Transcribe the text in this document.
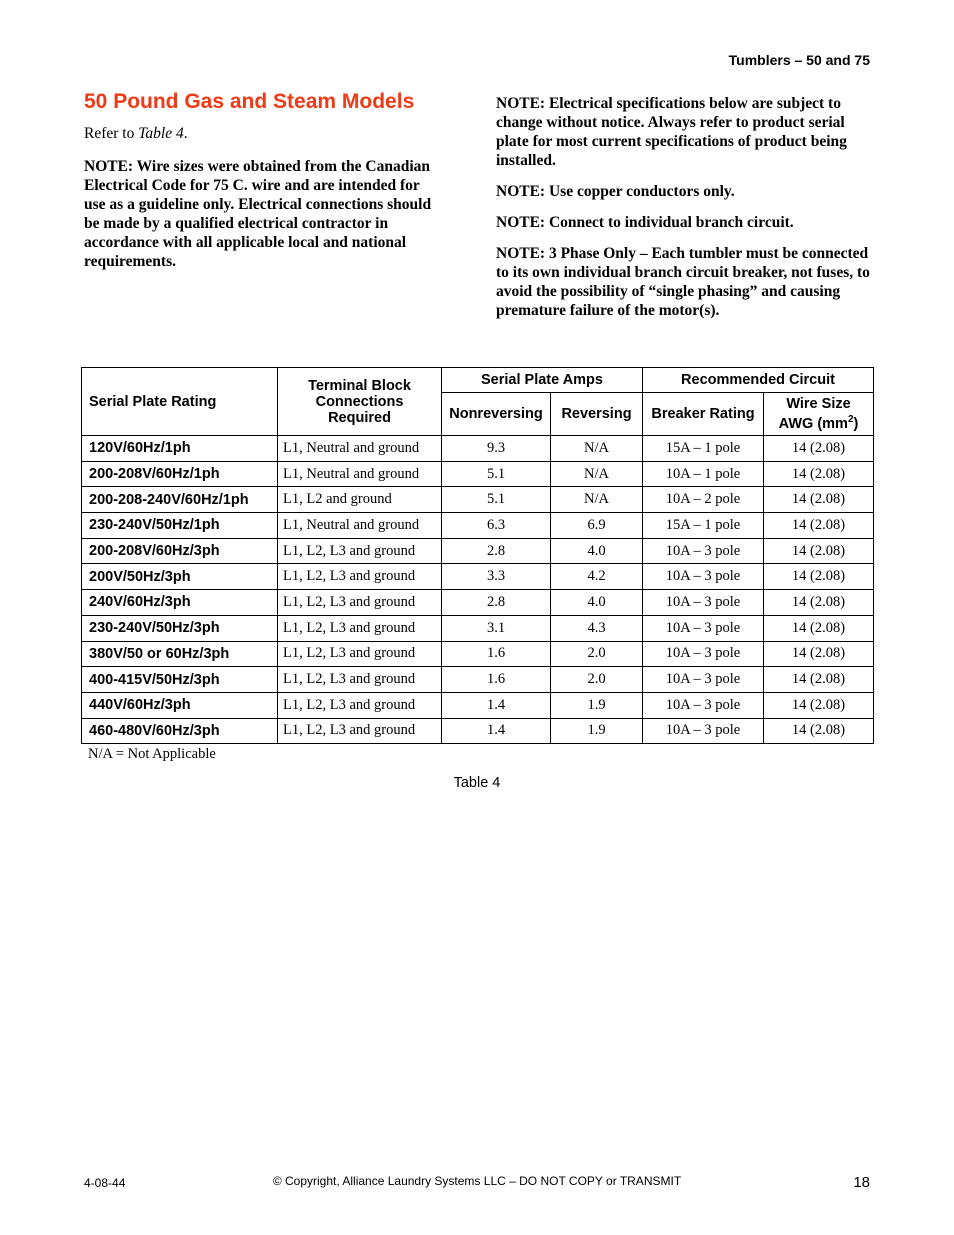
Tumblers – 50 and 75
50 Pound Gas and Steam Models

Refer to Table 4.

NOTE: Wire sizes were obtained from the Canadian Electrical Code for 75 C. wire and are intended for use as a guideline only. Electrical connections should be made by a qualified electrical contractor in accordance with all applicable local and national requirements.

NOTE: Electrical specifications below are subject to change without notice. Always refer to product serial plate for most current specifications of product being installed.

NOTE: Use copper conductors only.

NOTE: Connect to individual branch circuit.

NOTE: 3 Phase Only – Each tumbler must be connected to its own individual branch circuit breaker, not fuses, to avoid the possibility of “single phasing” and causing premature failure of the motor(s).

Serial Plate Rating	Terminal Block Connections Required	Serial Plate Amps		Recommended Circuit	
		Nonreversing	Reversing	Breaker Rating	Wire Size AWG $(mm^2)$
120V/60Hz/1ph	L1, Neutral and ground	9.3	N/A	15A – 1 pole	14 (2.08)
200-208V/60Hz/1ph	L1, Neutral and ground	5.1	N/A	10A – 1 pole	14 (2.08)
200-208-240V/60Hz/1ph	L1, L2 and ground	5.1	N/A	10A – 2 pole	14 (2.08)
230-240V/50Hz/1ph	L1, Neutral and ground	6.3	6.9	15A – 1 pole	14 (2.08)
200-208V/60Hz/3ph	L1, L2, L3 and ground	2.8	4.0	10A – 3 pole	14 (2.08)
200V/50Hz/3ph	L1, L2, L3 and ground	3.3	4.2	10A – 3 pole	14 (2.08)
240V/60Hz/3ph	L1, L2, L3 and ground	2.8	4.0	10A – 3 pole	14 (2.08)
230-240V/50Hz/3ph	L1, L2, L3 and ground	3.1	4.3	10A – 3 pole	14 (2.08)
380V/50 or 60Hz/3ph	L1, L2, L3 and ground	1.6	2.0	10A – 3 pole	14 (2.08)
400-415V/50Hz/3ph	L1, L2, L3 and ground	1.6	2.0	10A – 3 pole	14 (2.08)
440V/60Hz/3ph	L1, L2, L3 and ground	1.4	1.9	10A – 3 pole	14 (2.08)
460-480V/60Hz/3ph	L1, L2, L3 and ground	1.4	1.9	10A – 3 pole	14 (2.08)
N/A = Not Applicable
Table 4
4-08-44	© Copyright, Alliance Laundry Systems LLC – DO NOT COPY or TRANSMIT	18
